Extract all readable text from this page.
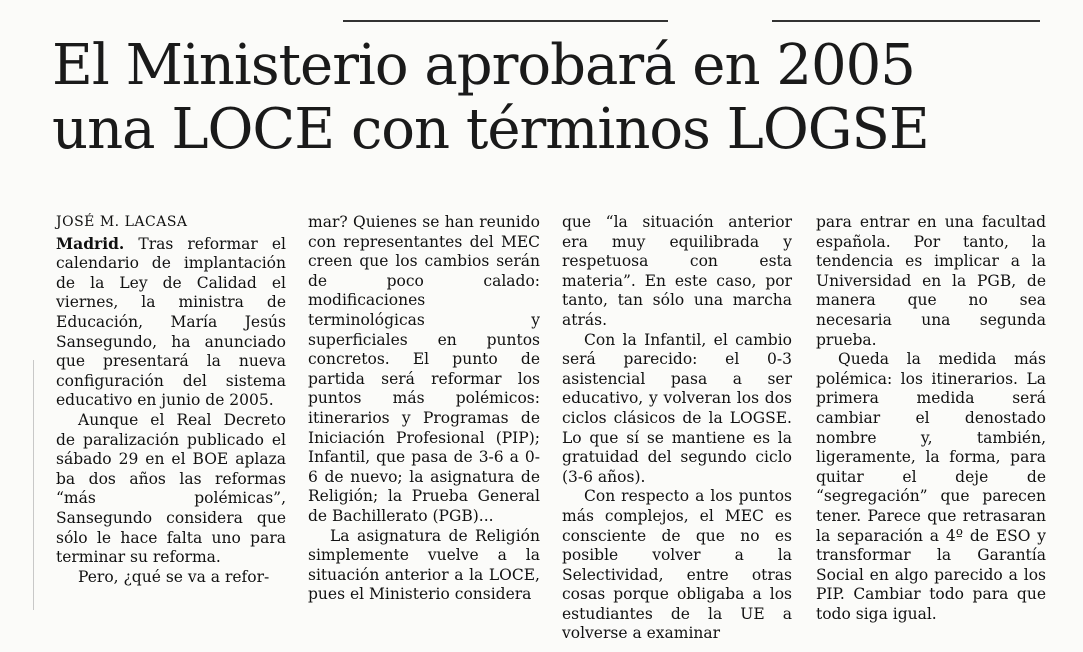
El Ministerio aprobará en 2005
una LOCE con términos LOGSE

JOSÉ M. LACASA

Madrid. Tras reformar el calendario de implantación de la Ley de Calidad el viernes, la ministra de Educación, María Jesús Sansegundo, ha anunciado que presentará la nueva configuración del sistema educativo en junio de 2005.

Aunque el Real Decreto de paralización publicado el sábado 29 en el BOE aplaza ba dos años las reformas “más polémicas”, Sansegundo considera que sólo le hace falta uno para terminar su reforma.

Pero, ¿qué se va a refor-

mar? Quienes se han reunido con representantes del MEC creen que los cambios serán de poco calado: modificaciones terminológicas y superficiales en puntos concretos. El punto de partida será reformar los puntos más polémicos: itinerarios y Programas de Iniciación Profesional (PIP); Infantil, que pasa de 3-6 a 0-6 de nuevo; la asignatura de Religión; la Prueba General de Bachillerato (PGB)...

La asignatura de Religión simplemente vuelve a la situación anterior a la LOCE, pues el Ministerio considera

que “la situación anterior era muy equilibrada y respetuosa con esta materia”. En este caso, por tanto, tan sólo una marcha atrás.

Con la Infantil, el cambio será parecido: el 0-3 asistencial pasa a ser educativo, y volveran los dos ciclos clásicos de la LOGSE. Lo que sí se mantiene es la gratuidad del segundo ciclo (3-6 años).

Con respecto a los puntos más complejos, el MEC es consciente de que no es posible volver a la Selectividad, entre otras cosas porque obligaba a los estudiantes de la UE a volverse a examinar

para entrar en una facultad española. Por tanto, la tendencia es implicar a la Universidad en la PGB, de manera que no sea necesaria una segunda prueba.

Queda la medida más polémica: los itinerarios. La primera medida será cambiar el denostado nombre y, también, ligeramente, la forma, para quitar el deje de “segregación” que parecen tener. Parece que retrasaran la separación a 4º de ESO y transformar la Garantía Social en algo parecido a los PIP. Cambiar todo para que todo siga igual.
